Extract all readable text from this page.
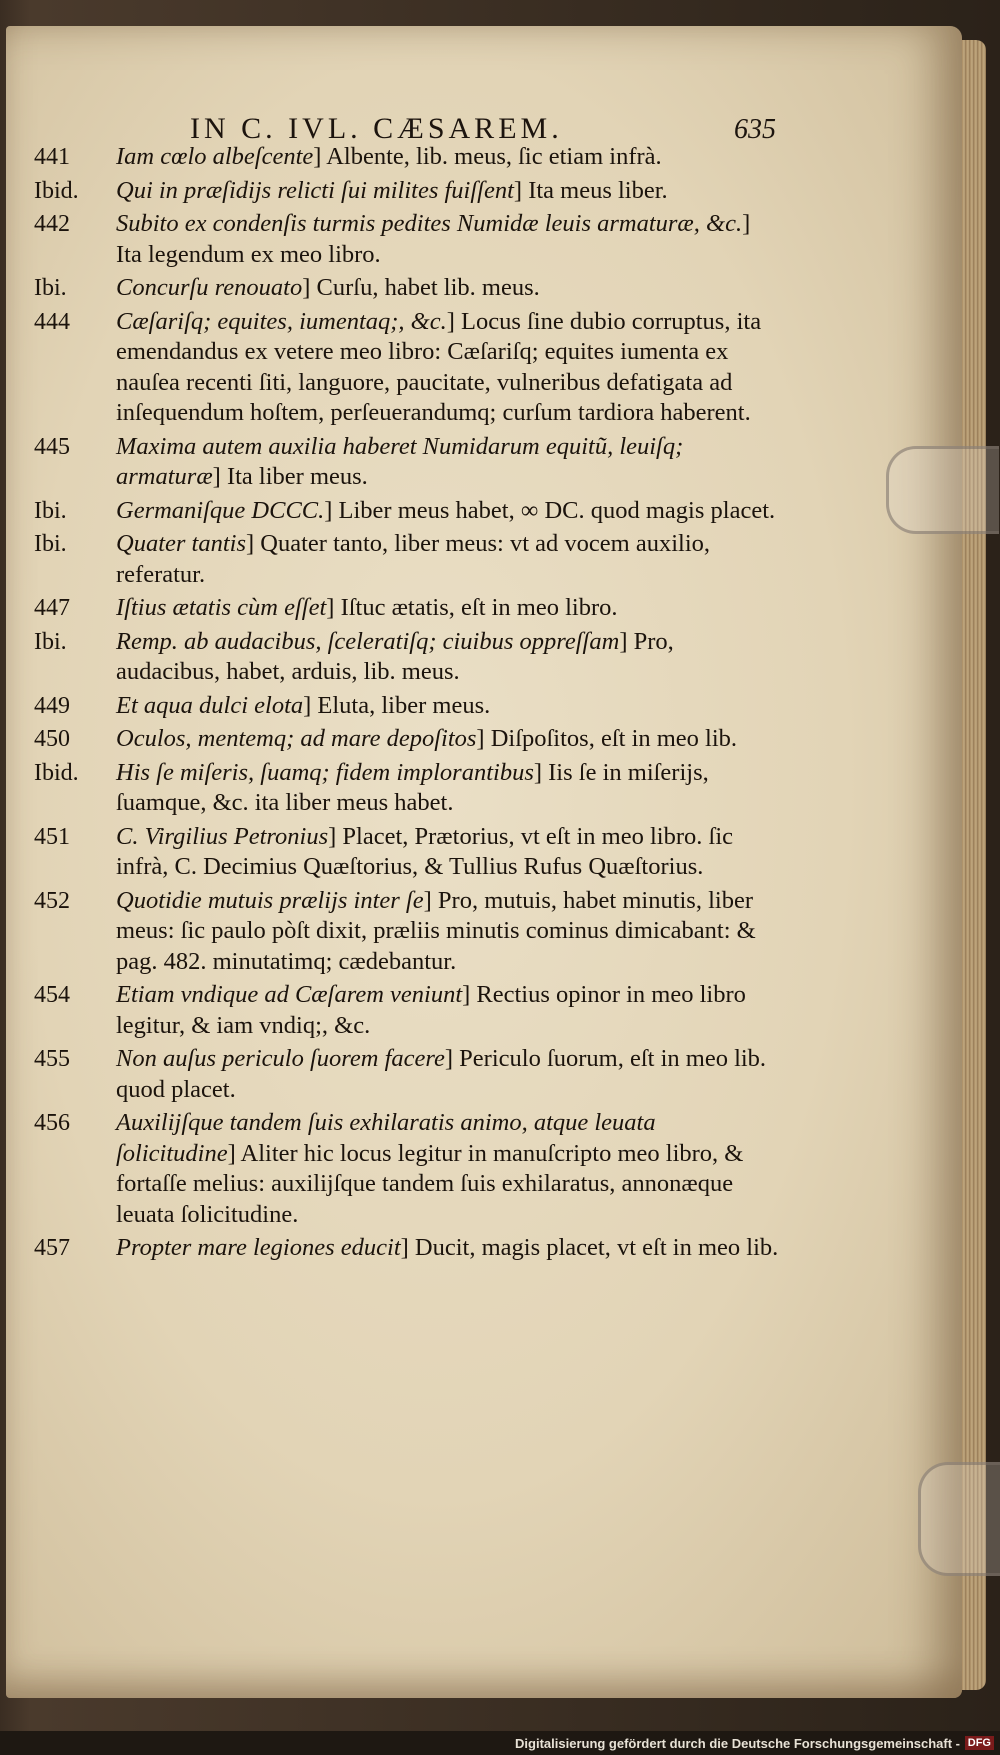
IN C. IVL. CÆSAREM.	635
441	Iam cœlo albeſcente] Albente, lib. meus, ſic etiam infrà.
Ibid.	Qui in præſidijs relicti ſui milites fuiſſent] Ita meus liber.
442	Subito ex condenſis turmis pedites Numidæ leuis armaturæ, &c.] Ita legendum ex meo libro.
Ibi.	Concurſu renouato] Curſu, habet lib. meus.
444	Cæſariſq; equites, iumentaq;, &c.] Locus ſine dubio corruptus, ita emendandus ex vetere meo libro: Cæſariſq; equites iumenta ex nauſea recenti ſiti, languore, paucitate, vulneribus defatigata ad inſequendum hoſtem, perſeuerandumq; curſum tardiora haberent.
445	Maxima autem auxilia haberet Numidarum equitũ, leuiſq; armaturæ] Ita liber meus.
Ibi.	Germaniſque DCCC.] Liber meus habet, ∞ DC. quod magis placet.
Ibi.	Quater tantis] Quater tanto, liber meus: vt ad vocem auxilio, referatur.
447	Iſtius ætatis cùm eſſet] Iſtuc ætatis, eſt in meo libro.
Ibi.	Remp. ab audacibus, ſceleratiſq; ciuibus oppreſſam] Pro, audacibus, habet, arduis, lib. meus.
449	Et aqua dulci elota] Eluta, liber meus.
450	Oculos, mentemq; ad mare depoſitos] Diſpoſitos, eſt in meo lib.
Ibid.	His ſe miſeris, ſuamq; fidem implorantibus] Iis ſe in miſerijs, ſuamque, &c. ita liber meus habet.
451	C. Virgilius Petronius] Placet, Prætorius, vt eſt in meo libro. ſic infrà, C. Decimius Quæſtorius, & Tullius Rufus Quæſtorius.
452	Quotidie mutuis prælijs inter ſe] Pro, mutuis, habet minutis, liber meus: ſic paulo pòſt dixit, præliis minutis cominus dimicabant: & pag. 482. minutatimq; cædebantur.
454	Etiam vndique ad Cæſarem veniunt] Rectius opinor in meo libro legitur, & iam vndiq;, &c.
455	Non auſus periculo ſuorem facere] Periculo ſuorum, eſt in meo lib. quod placet.
456	Auxilijſque tandem ſuis exhilaratis animo, atque leuata ſolicitudine] Aliter hic locus legitur in manuſcripto meo libro, & fortaſſe melius: auxilijſque tandem ſuis exhilaratus, annonæque leuata ſolicitudine.
457	Propter mare legiones educit] Ducit, magis placet, vt eſt in meo lib.
Digitalisierung gefördert durch die Deutsche Forschungsgemeinschaft - DFG
